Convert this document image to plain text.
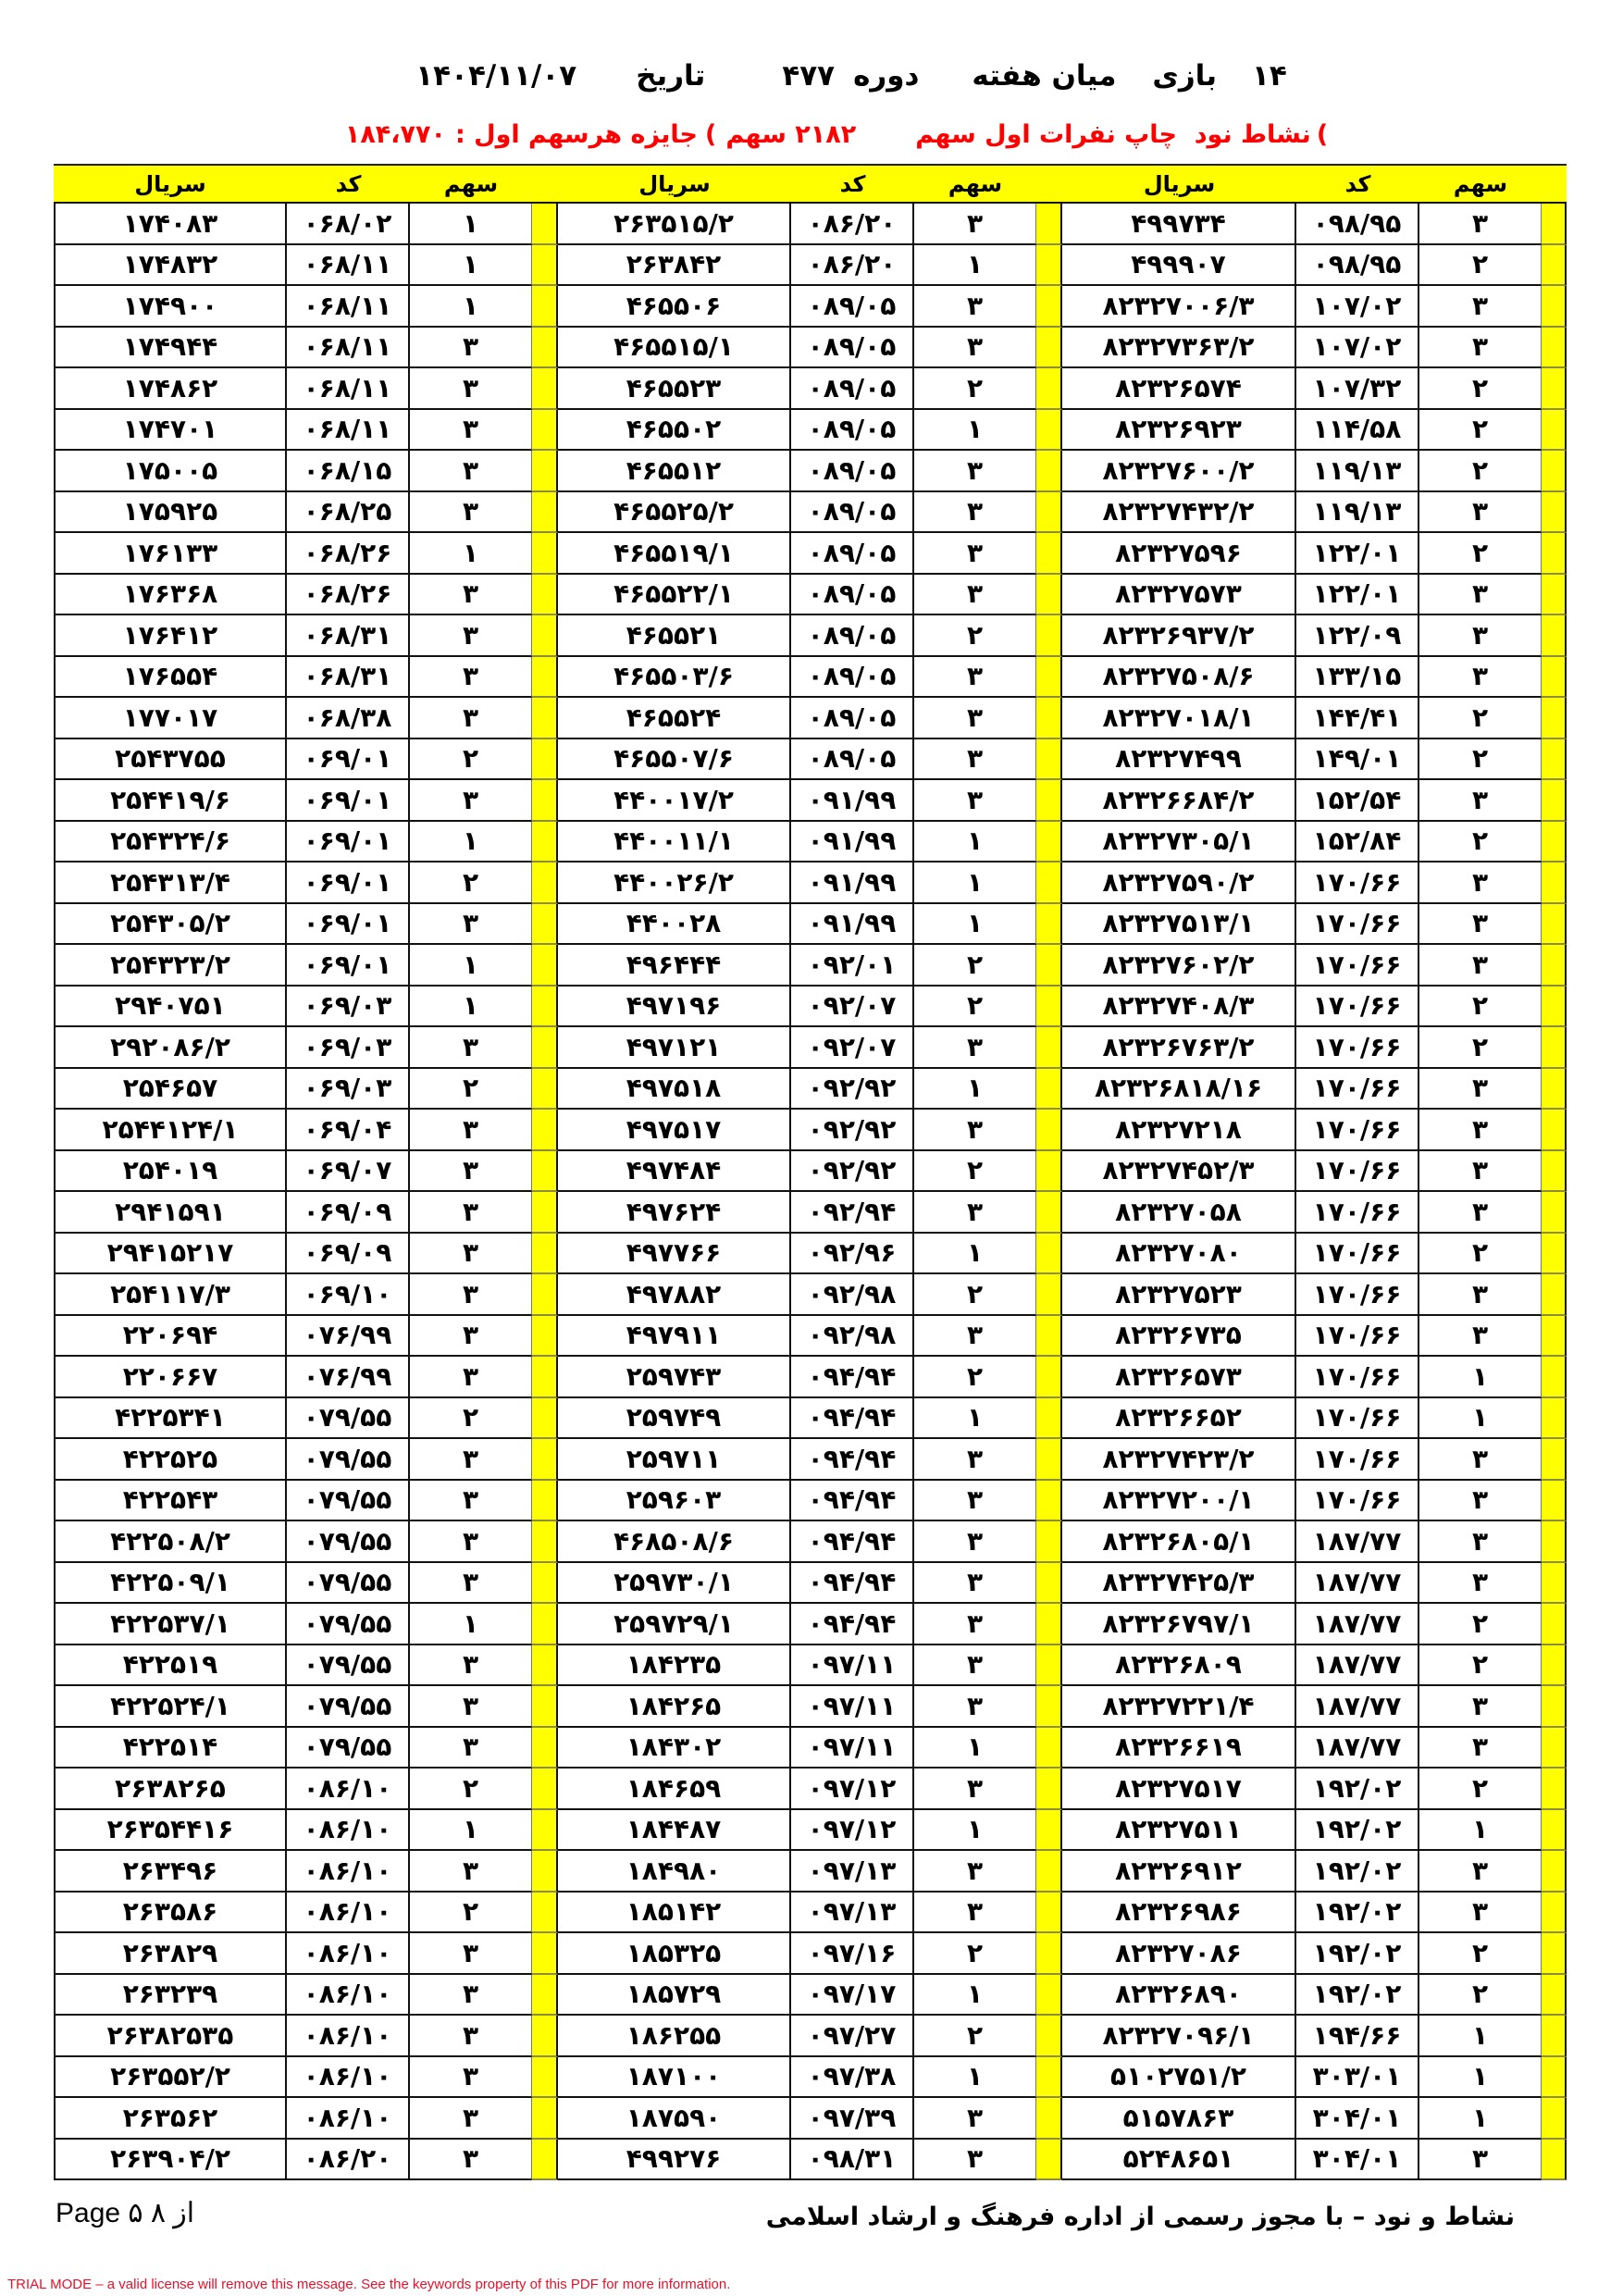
۱۴
بازی
میان هفته
دوره
۴۷۷
تاریخ
۱۴۰۴/۱۱/۰۷
(
نشاط نود  چاپ نفرات اول سهم
۲۱۸۲ سهم
(
جایزه هرسهم اول :
۱۸۴،۷۷۰
سریال	کد	سهم	سریال	کد	سهم	سریال	کد	سهم
۱۷۴۰۸۳	۰۶۸/۰۲	۱	۲۶۳۵۱۵/۲	۰۸۶/۲۰	۳	۴۹۹۷۳۴	۰۹۸/۹۵	۳
۱۷۴۸۳۲	۰۶۸/۱۱	۱	۲۶۳۸۴۲	۰۸۶/۲۰	۱	۴۹۹۹۰۷	۰۹۸/۹۵	۲
۱۷۴۹۰۰	۰۶۸/۱۱	۱	۴۶۵۵۰۶	۰۸۹/۰۵	۳	۸۲۳۲۷۰۰۶/۳	۱۰۷/۰۲	۳
۱۷۴۹۴۴	۰۶۸/۱۱	۳	۴۶۵۵۱۵/۱	۰۸۹/۰۵	۳	۸۲۳۲۷۳۶۳/۲	۱۰۷/۰۲	۳
۱۷۴۸۶۲	۰۶۸/۱۱	۳	۴۶۵۵۲۳	۰۸۹/۰۵	۲	۸۲۳۲۶۵۷۴	۱۰۷/۳۲	۲
۱۷۴۷۰۱	۰۶۸/۱۱	۳	۴۶۵۵۰۲	۰۸۹/۰۵	۱	۸۲۳۲۶۹۲۳	۱۱۴/۵۸	۲
۱۷۵۰۰۵	۰۶۸/۱۵	۳	۴۶۵۵۱۲	۰۸۹/۰۵	۳	۸۲۳۲۷۶۰۰/۲	۱۱۹/۱۳	۲
۱۷۵۹۲۵	۰۶۸/۲۵	۳	۴۶۵۵۲۵/۲	۰۸۹/۰۵	۳	۸۲۳۲۷۴۳۲/۲	۱۱۹/۱۳	۳
۱۷۶۱۳۳	۰۶۸/۲۶	۱	۴۶۵۵۱۹/۱	۰۸۹/۰۵	۳	۸۲۳۲۷۵۹۶	۱۲۲/۰۱	۲
۱۷۶۳۶۸	۰۶۸/۲۶	۳	۴۶۵۵۲۲/۱	۰۸۹/۰۵	۳	۸۲۳۲۷۵۷۳	۱۲۲/۰۱	۳
۱۷۶۴۱۲	۰۶۸/۳۱	۳	۴۶۵۵۲۱	۰۸۹/۰۵	۲	۸۲۳۲۶۹۳۷/۲	۱۲۲/۰۹	۳
۱۷۶۵۵۴	۰۶۸/۳۱	۳	۴۶۵۵۰۳/۶	۰۸۹/۰۵	۳	۸۲۳۲۷۵۰۸/۶	۱۳۳/۱۵	۳
۱۷۷۰۱۷	۰۶۸/۳۸	۳	۴۶۵۵۲۴	۰۸۹/۰۵	۳	۸۲۳۲۷۰۱۸/۱	۱۴۴/۴۱	۲
۲۵۴۳۷۵۵	۰۶۹/۰۱	۲	۴۶۵۵۰۷/۶	۰۸۹/۰۵	۳	۸۲۳۲۷۴۹۹	۱۴۹/۰۱	۲
۲۵۴۴۱۹/۶	۰۶۹/۰۱	۳	۴۴۰۰۱۷/۲	۰۹۱/۹۹	۳	۸۲۳۲۶۶۸۴/۲	۱۵۲/۵۴	۳
۲۵۴۳۲۴/۶	۰۶۹/۰۱	۱	۴۴۰۰۱۱/۱	۰۹۱/۹۹	۱	۸۲۳۲۷۳۰۵/۱	۱۵۲/۸۴	۲
۲۵۴۳۱۳/۴	۰۶۹/۰۱	۲	۴۴۰۰۲۶/۲	۰۹۱/۹۹	۱	۸۲۳۲۷۵۹۰/۲	۱۷۰/۶۶	۳
۲۵۴۳۰۵/۲	۰۶۹/۰۱	۳	۴۴۰۰۲۸	۰۹۱/۹۹	۱	۸۲۳۲۷۵۱۳/۱	۱۷۰/۶۶	۳
۲۵۴۳۲۳/۲	۰۶۹/۰۱	۱	۴۹۶۴۴۴	۰۹۲/۰۱	۲	۸۲۳۲۷۶۰۲/۲	۱۷۰/۶۶	۳
۲۹۴۰۷۵۱	۰۶۹/۰۳	۱	۴۹۷۱۹۶	۰۹۲/۰۷	۲	۸۲۳۲۷۴۰۸/۳	۱۷۰/۶۶	۲
۲۹۲۰۸۶/۲	۰۶۹/۰۳	۳	۴۹۷۱۲۱	۰۹۲/۰۷	۳	۸۲۳۲۶۷۶۳/۲	۱۷۰/۶۶	۲
۲۵۴۶۵۷	۰۶۹/۰۳	۲	۴۹۷۵۱۸	۰۹۲/۹۲	۱	۸۲۳۲۶۸۱۸/۱۶	۱۷۰/۶۶	۳
۲۵۴۴۱۲۴/۱	۰۶۹/۰۴	۳	۴۹۷۵۱۷	۰۹۲/۹۲	۳	۸۲۳۲۷۲۱۸	۱۷۰/۶۶	۳
۲۵۴۰۱۹	۰۶۹/۰۷	۳	۴۹۷۴۸۴	۰۹۲/۹۲	۲	۸۲۳۲۷۴۵۲/۳	۱۷۰/۶۶	۳
۲۹۴۱۵۹۱	۰۶۹/۰۹	۳	۴۹۷۶۲۴	۰۹۲/۹۴	۳	۸۲۳۲۷۰۵۸	۱۷۰/۶۶	۳
۲۹۴۱۵۲۱۷	۰۶۹/۰۹	۳	۴۹۷۷۶۶	۰۹۲/۹۶	۱	۸۲۳۲۷۰۸۰	۱۷۰/۶۶	۲
۲۵۴۱۱۷/۳	۰۶۹/۱۰	۳	۴۹۷۸۸۲	۰۹۲/۹۸	۲	۸۲۳۲۷۵۲۳	۱۷۰/۶۶	۳
۲۲۰۶۹۴	۰۷۶/۹۹	۳	۴۹۷۹۱۱	۰۹۲/۹۸	۳	۸۲۳۲۶۷۳۵	۱۷۰/۶۶	۳
۲۲۰۶۶۷	۰۷۶/۹۹	۳	۲۵۹۷۴۳	۰۹۴/۹۴	۲	۸۲۳۲۶۵۷۳	۱۷۰/۶۶	۱
۴۲۲۵۳۴۱	۰۷۹/۵۵	۲	۲۵۹۷۴۹	۰۹۴/۹۴	۱	۸۲۳۲۶۶۵۲	۱۷۰/۶۶	۱
۴۲۲۵۲۵	۰۷۹/۵۵	۳	۲۵۹۷۱۱	۰۹۴/۹۴	۳	۸۲۳۲۷۴۲۳/۲	۱۷۰/۶۶	۳
۴۲۲۵۴۳	۰۷۹/۵۵	۳	۲۵۹۶۰۳	۰۹۴/۹۴	۳	۸۲۳۲۷۲۰۰/۱	۱۷۰/۶۶	۳
۴۲۲۵۰۸/۲	۰۷۹/۵۵	۳	۴۶۸۵۰۸/۶	۰۹۴/۹۴	۳	۸۲۳۲۶۸۰۵/۱	۱۸۷/۷۷	۳
۴۲۲۵۰۹/۱	۰۷۹/۵۵	۳	۲۵۹۷۳۰/۱	۰۹۴/۹۴	۳	۸۲۳۲۷۴۲۵/۳	۱۸۷/۷۷	۳
۴۲۲۵۳۷/۱	۰۷۹/۵۵	۱	۲۵۹۷۲۹/۱	۰۹۴/۹۴	۳	۸۲۳۲۶۷۹۷/۱	۱۸۷/۷۷	۲
۴۲۲۵۱۹	۰۷۹/۵۵	۳	۱۸۴۲۳۵	۰۹۷/۱۱	۳	۸۲۳۲۶۸۰۹	۱۸۷/۷۷	۲
۴۲۲۵۲۴/۱	۰۷۹/۵۵	۳	۱۸۴۲۶۵	۰۹۷/۱۱	۳	۸۲۳۲۷۲۲۱/۴	۱۸۷/۷۷	۳
۴۲۲۵۱۴	۰۷۹/۵۵	۳	۱۸۴۳۰۲	۰۹۷/۱۱	۱	۸۲۳۲۶۶۱۹	۱۸۷/۷۷	۳
۲۶۳۸۲۶۵	۰۸۶/۱۰	۲	۱۸۴۶۵۹	۰۹۷/۱۲	۳	۸۲۳۲۷۵۱۷	۱۹۲/۰۲	۲
۲۶۳۵۴۴۱۶	۰۸۶/۱۰	۱	۱۸۴۴۸۷	۰۹۷/۱۲	۱	۸۲۳۲۷۵۱۱	۱۹۲/۰۲	۱
۲۶۳۴۹۶	۰۸۶/۱۰	۳	۱۸۴۹۸۰	۰۹۷/۱۳	۳	۸۲۳۲۶۹۱۲	۱۹۲/۰۲	۳
۲۶۳۵۸۶	۰۸۶/۱۰	۲	۱۸۵۱۴۲	۰۹۷/۱۳	۳	۸۲۳۲۶۹۸۶	۱۹۲/۰۲	۳
۲۶۳۸۲۹	۰۸۶/۱۰	۳	۱۸۵۳۲۵	۰۹۷/۱۶	۲	۸۲۳۲۷۰۸۶	۱۹۲/۰۲	۲
۲۶۳۲۳۹	۰۸۶/۱۰	۳	۱۸۵۷۲۹	۰۹۷/۱۷	۱	۸۲۳۲۶۸۹۰	۱۹۲/۰۲	۲
۲۶۳۸۲۵۳۵	۰۸۶/۱۰	۳	۱۸۶۲۵۵	۰۹۷/۲۷	۲	۸۲۳۲۷۰۹۶/۱	۱۹۴/۶۶	۱
۲۶۳۵۵۲/۲	۰۸۶/۱۰	۳	۱۸۷۱۰۰	۰۹۷/۳۸	۱	۵۱۰۲۷۵۱/۲	۳۰۳/۰۱	۱
۲۶۳۵۶۲	۰۸۶/۱۰	۳	۱۸۷۵۹۰	۰۹۷/۳۹	۳	۵۱۵۷۸۶۳	۳۰۴/۰۱	۱
۲۶۳۹۰۴/۲	۰۸۶/۲۰	۳	۴۹۹۲۷۶	۰۹۸/۳۱	۳	۵۲۴۸۶۵۱	۳۰۴/۰۱	۳
نشاط و نود – با مجوز رسمی از اداره فرهنگ و ارشاد اسلامی
Page ۵ ۸ از
TRIAL MODE – a valid license will remove this message. See the keywords property of this PDF for more information.
